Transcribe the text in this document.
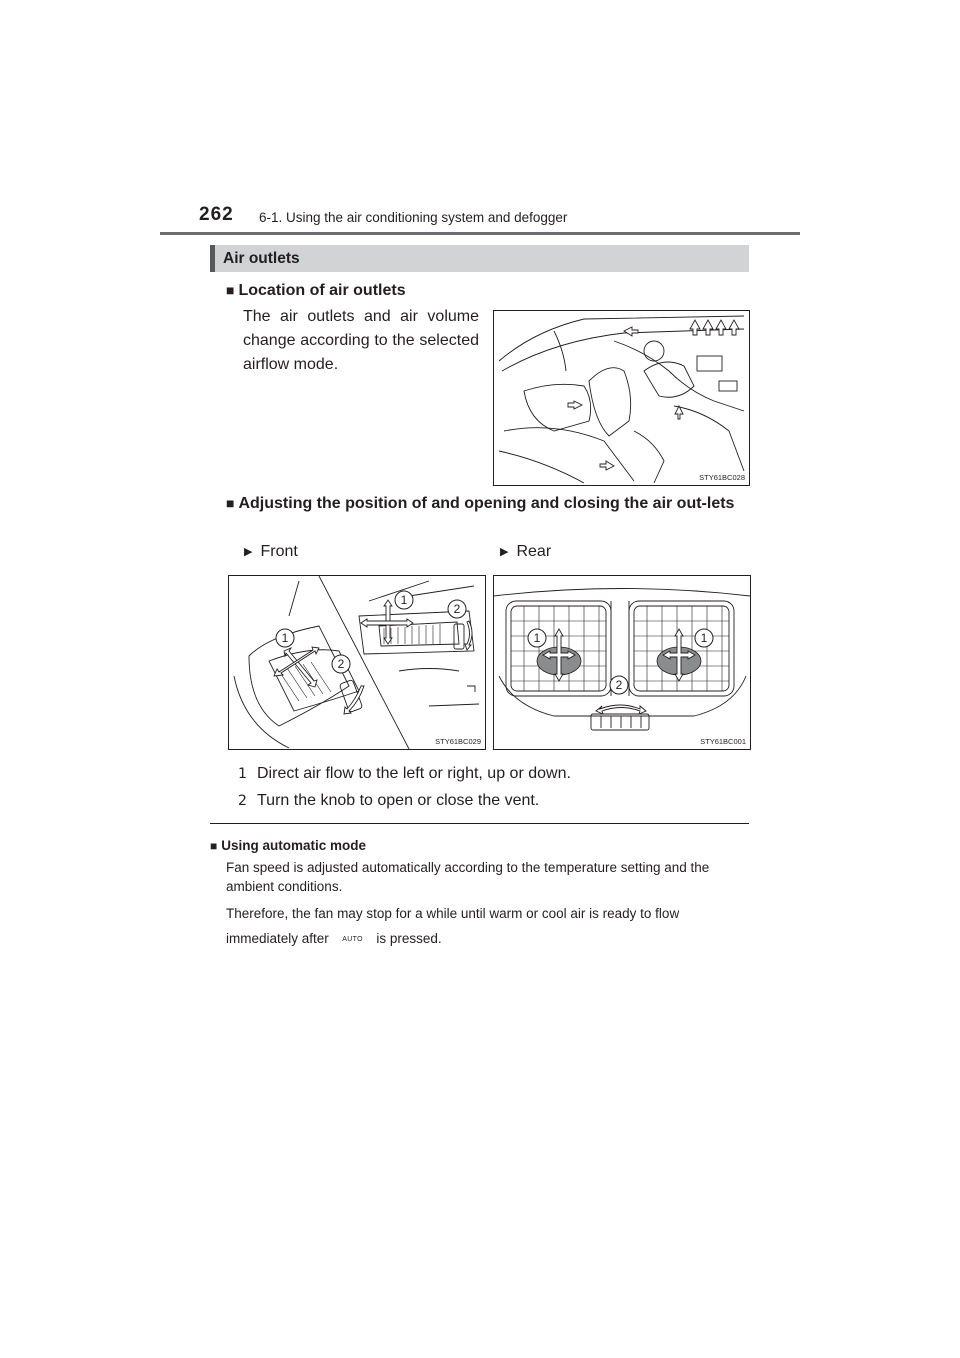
262 6-1. Using the air conditioning system and defogger
Air outlets
■ Location of air outlets
The air outlets and air volume change according to the selected airflow mode.
STY61BC028
■ Adjusting the position of and opening and closing the air out-lets
▶ Front	▶ Rear
1
2
1
2
STY61BC029
1	1
2
STY61BC001
1 Direct air flow to the left or right, up or down.
2 Turn the knob to open or close the vent.
■ Using automatic mode
Fan speed is adjusted automatically according to the temperature setting and the ambient conditions.
Therefore, the fan may stop for a while until warm or cool air is ready to flow immediately after AUTO is pressed.
